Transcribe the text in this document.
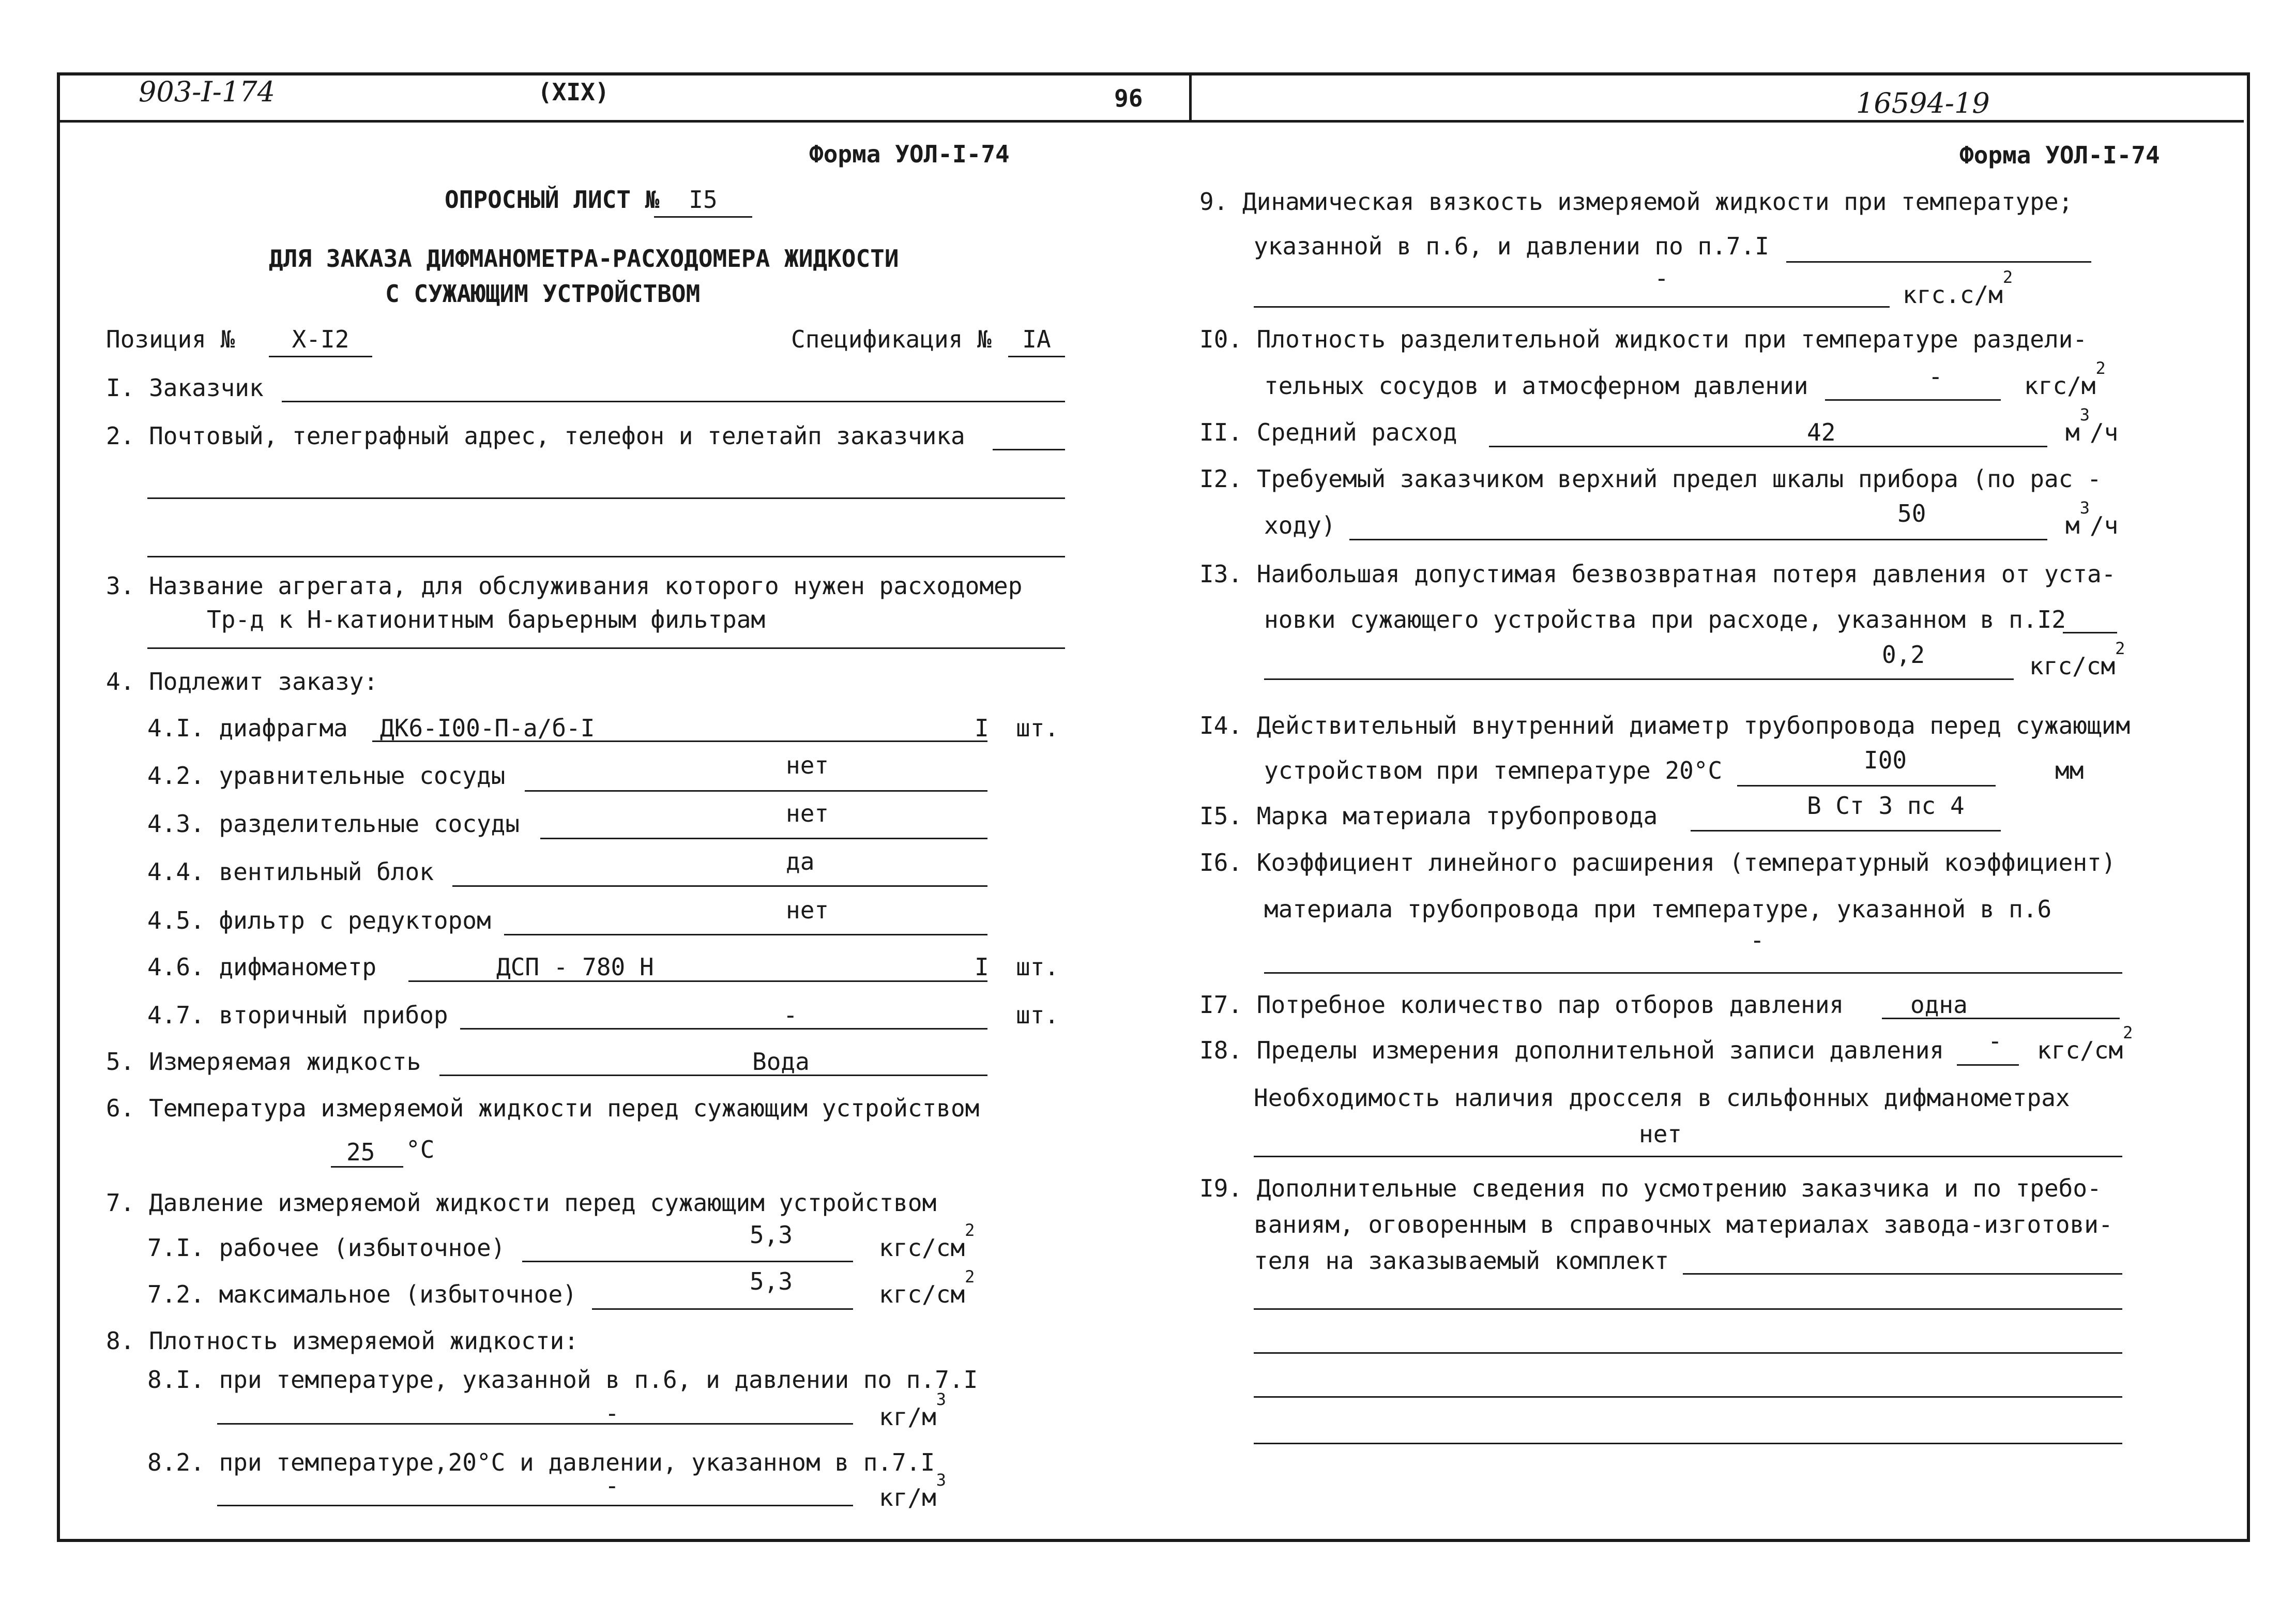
903-I-174	(XIX)	96	16594-19
Форма УОЛ-I-74
ОПРОСНЫЙ ЛИСТ №	I5
ДЛЯ ЗАКАЗА ДИФМАНОМЕТРА-РАСХОДОМЕРА ЖИДКОСТИ
С СУЖАЮЩИМ УСТРОЙСТВОМ
Позиция №	Х-I2	Спецификация №	IА
I. Заказчик
2. Почтовый, телеграфный адрес, телефон и телетайп заказчика
3. Название агрегата, для обслуживания которого нужен расходомер
Тр-д к Н-катионитным барьерным фильтрам
4. Подлежит заказу:
4.I. диафрагма ДК6-I00-П-а/б-I	I шт.
4.2. уравнительные сосуды	нет
4.3. разделительные сосуды	нет
4.4. вентильный блок	да
4.5. фильтр с редуктором	нет
4.6. дифманометр	ДСП - 780 Н	I шт.
4.7. вторичный прибор	-	шт.
5. Измеряемая жидкость	Вода
6. Температура измеряемой жидкости перед сужающим устройством
25 °С
7. Давление измеряемой жидкости перед сужающим устройством
7.I. рабочее (избыточное)	5,3	кгс/$см^2$
7.2. максимальное (избыточное)	5,3	кгс/$см^2$
8. Плотность измеряемой жидкости:
8.I. при температуре, указанной в п.6, и давлении по п.7.I
-	$кг/м^3$
8.2. при температуре,20°С и давлении, указанном в п.7.I
-	$кг/м^3$
Форма УОЛ-I-74
9. Динамическая вязкость измеряемой жидкости при температуре;
указанной в п.6, и давлении по п.7.I
-
$кгс.с/м^2$
I0. Плотность разделительной жидкости при температуре раздели-
тельных сосудов и атмосферном давлении	-	кгс/$м^2$
II. Средний расход	42	$м^3/ч$
I2. Требуемый заказчиком верхний предел шкалы прибора (по рас -
ходу)	50	$м^3/ч$
I3. Наибольшая допустимая безвозвратная потеря давления от уста-
новки сужающего устройства при расходе, указанном в п.I2
0,2	кгс/$см^2$
I4. Действительный внутренний диаметр трубопровода перед сужающим
устройством при температуре 20°С	I00	мм
I5. Марка материала трубопровода	В Ст 3 пс 4
I6. Коэффициент линейного расширения (температурный коэффициент)
материала трубопровода при температуре, указанной в п.6
-
I7. Потребное количество пар отборов давления	одна
I8. Пределы измерения дополнительной записи давления - кгс/$см^2$
Необходимость наличия дросселя в сильфонных дифманометрах
нет
I9. Дополнительные сведения по усмотрению заказчика и по требо-
ваниям, оговоренным в справочных материалах завода-изготови-
теля на заказываемый комплект
